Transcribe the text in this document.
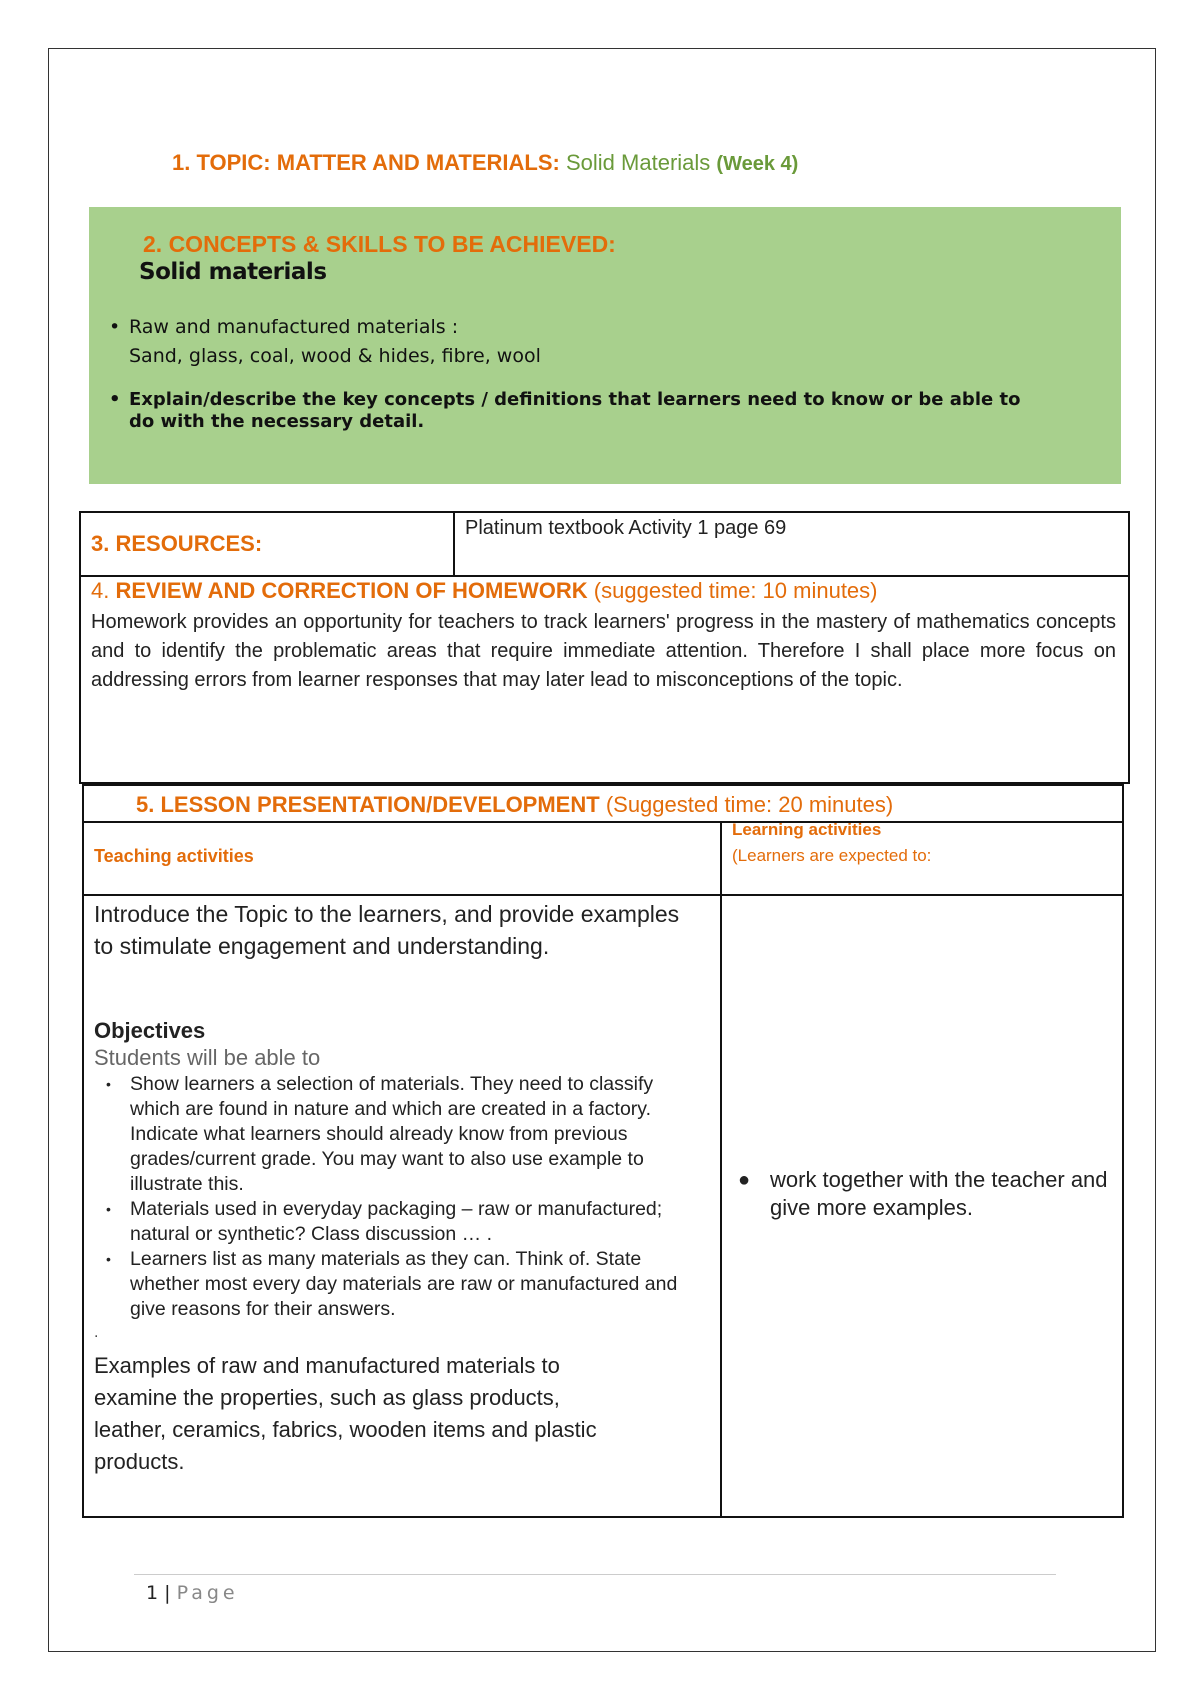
1. TOPIC: MATTER AND MATERIALS: Solid Materials (Week 4)
2. CONCEPTS & SKILLS TO BE ACHIEVED:
Solid materials
• Raw and manufactured materials :
Sand, glass, coal, wood & hides, fibre, wool
• Explain/describe the key concepts / definitions that learners need to know or be able to do with the necessary detail.
3. RESOURCES:
Platinum textbook Activity 1 page 69
4. REVIEW AND CORRECTION OF HOMEWORK (suggested time: 10 minutes)
Homework provides an opportunity for teachers to track learners' progress in the mastery of mathematics concepts and to identify the problematic areas that require immediate attention. Therefore I shall place more focus on addressing errors from learner responses that may later lead to misconceptions of the topic.
5. LESSON PRESENTATION/DEVELOPMENT (Suggested time: 20 minutes)
Teaching activities
Learning activities
(Learners are expected to:
Introduce the Topic to the learners, and provide examples to stimulate engagement and understanding.
Objectives
Students will be able to
• Show learners a selection of materials. They need to classify which are found in nature and which are created in a factory. Indicate what learners should already know from previous grades/current grade. You may want to also use example to illustrate this.
• Materials used in everyday packaging – raw or manufactured; natural or synthetic? Class discussion … .
• Learners list as many materials as they can. Think of. State whether most every day materials are raw or manufactured and give reasons for their answers.
.
Examples of raw and manufactured materials to examine the properties, such as glass products, leather, ceramics, fabrics, wooden items and plastic products.
● work together with the teacher and give more examples.
1 | Page
